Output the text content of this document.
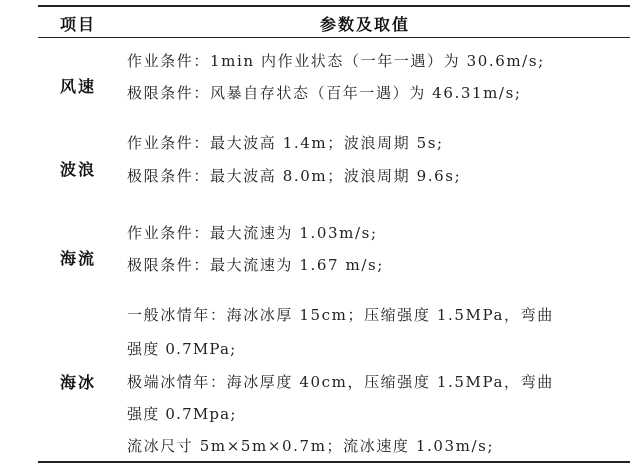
项目	参数及取值
风速
作业条件：1min 内作业状态（一年一遇）为 30.6m/s;
极限条件：风暴自存状态（百年一遇）为 46.31m/s;
波浪
作业条件：最大波高 1.4m；波浪周期 5s;
极限条件：最大波高 8.0m；波浪周期 9.6s;
海流
作业条件：最大流速为 1.03m/s;
极限条件：最大流速为 1.67 m/s;
海冰
一般冰情年：海冰冰厚 15cm；压缩强度 1.5MPa，弯曲
强度 0.7MPa;
极端冰情年：海冰厚度 40cm，压缩强度 1.5MPa，弯曲
强度 0.7Mpa;
流冰尺寸 5m×5m×0.7m；流冰速度 1.03m/s;
